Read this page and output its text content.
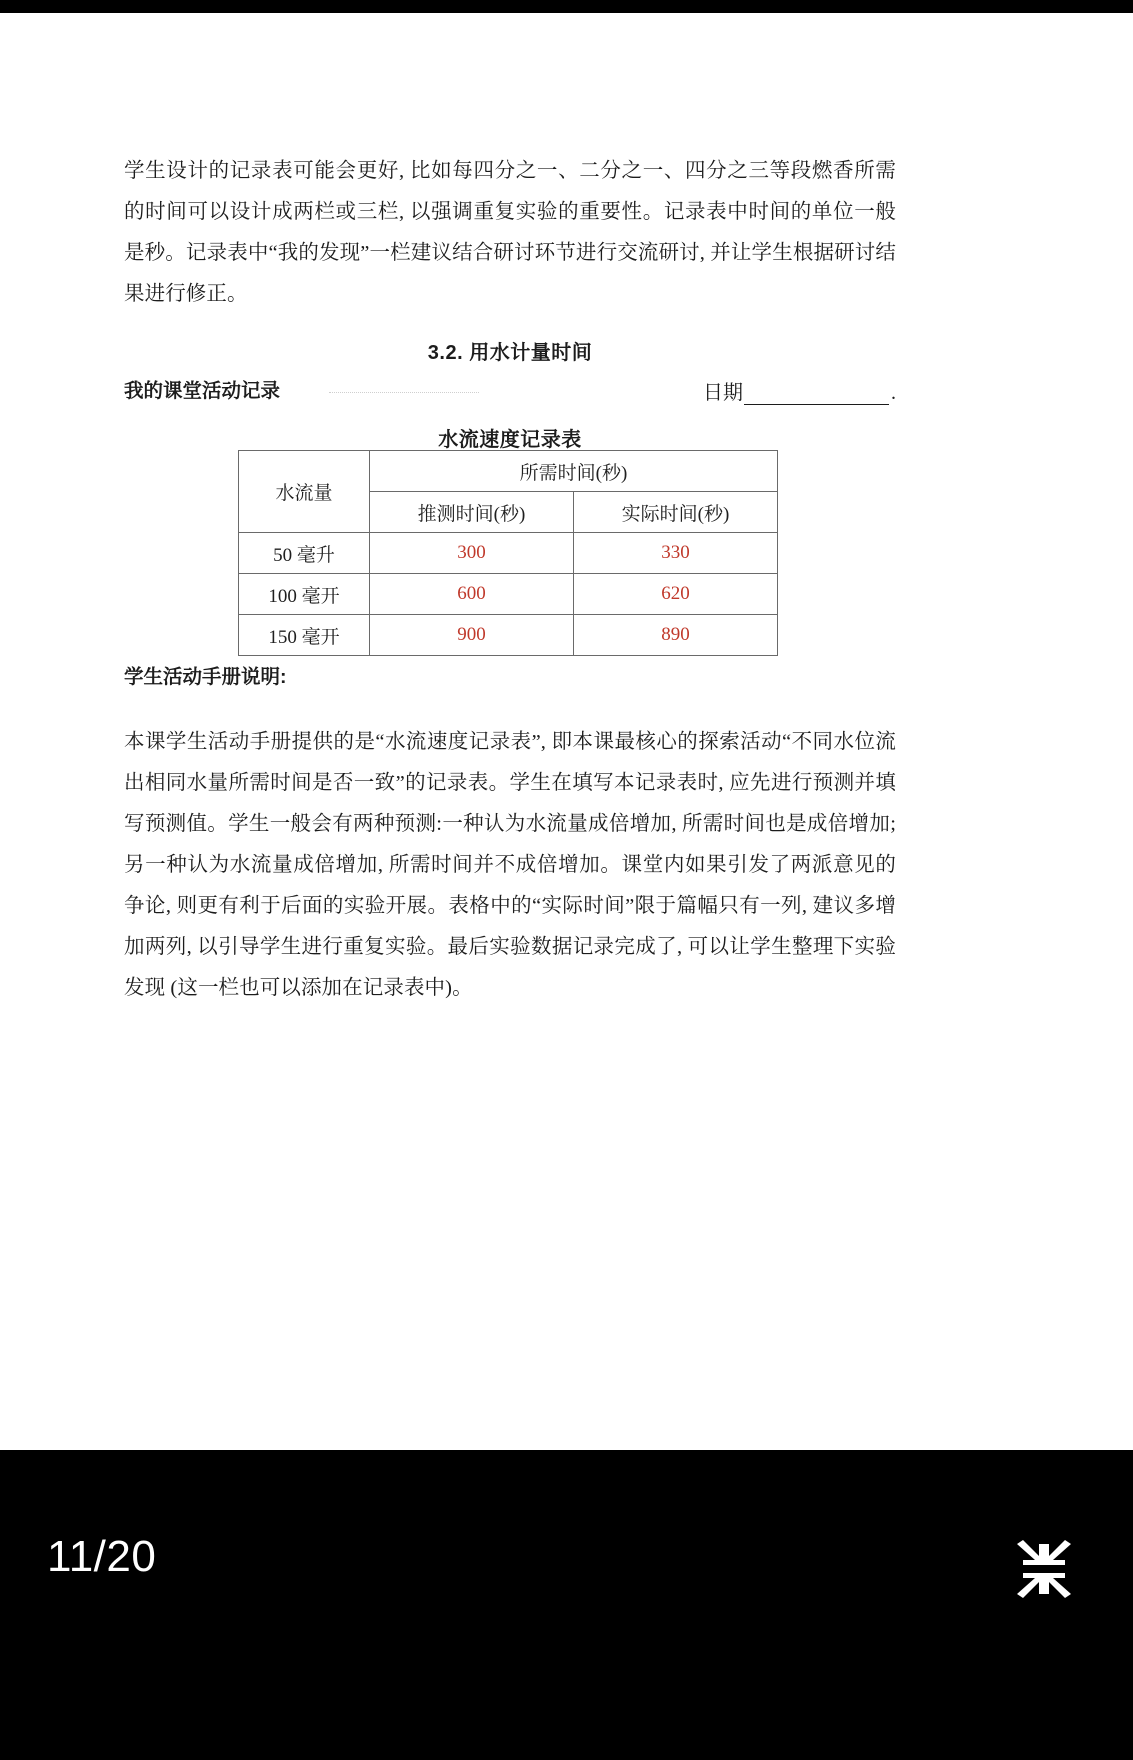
学生设计的记录表可能会更好, 比如每四分之一、二分之一、四分之三等段燃香所需的时间可以设计成两栏或三栏, 以强调重复实验的重要性。记录表中时间的单位一般是秒。记录表中“我的发现”一栏建议结合研讨环节进行交流研讨, 并让学生根据研讨结果进行修正。

3.2. 用水计量时间
我的课堂活动记录	日期	.
水流速度记录表
水流量	所需时间(秒)	
	推测时间(秒)	实际时间(秒)
50 毫升	300	330
100 毫开	600	620
150 毫开	900	890
学生活动手册说明:

本课学生活动手册提供的是“水流速度记录表”, 即本课最核心的探索活动“不同水位流出相同水量所需时间是否一致”的记录表。学生在填写本记录表时, 应先进行预测并填写预测值。学生一般会有两种预测:一种认为水流量成倍增加, 所需时间也是成倍增加; 另一种认为水流量成倍增加, 所需时间并不成倍增加。课堂内如果引发了两派意见的争论, 则更有利于后面的实验开展。表格中的“实际时间”限于篇幅只有一列, 建议多增加两列, 以引导学生进行重复实验。最后实验数据记录完成了, 可以让学生整理下实验发现 (这一栏也可以添加在记录表中)。

11/20
